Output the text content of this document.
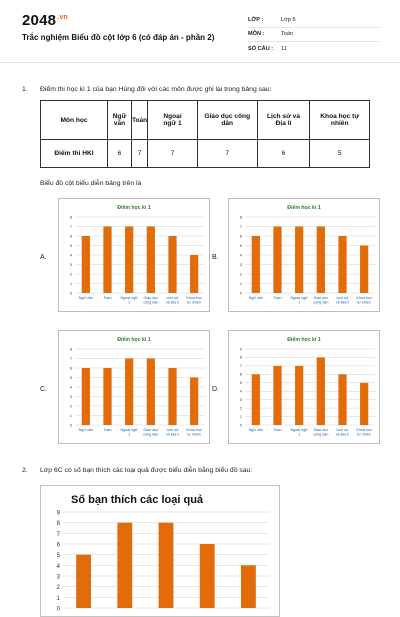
$2048^{.vn}$
Trắc nghiệm Biểu đồ cột lớp 6 (có đáp án - phần 2)
LỚP :	Lớp 6
MÔN :	Toán
SỐ CÂU :	11
1. Điểm thi học kì 1 của bạn Hùng đối với các môn được ghi lại trong bảng sau:
Môn học	Ngữ văn	Toán	Ngoại ngữ 1	Giáo dục công dân	Lịch sử và Địa lí	Khoa học tự nhiên
Điểm thi HKI	6	7	7	7	6	5
Biểu đồ cột biểu diễn bảng trên là
A.
Điểm học kì 1
0
1
2
3
4
5
6
7
8
Ngữ văn	Toán Ngoại ngữ
1
Giáo dục
công dân
Lịch sử
và Địa lí
Khoa học
tự nhiên
B.
Điểm học kì 1
0
1
2
3
4
5
6
7
8
Ngữ văn	Toán Ngoại ngữ
1
Giáo dục
công dân
Lịch sử
và Địa lí
Khoa học
tự nhiên
C.
Điểm học kì 1
0
1
2
3
4
5
6
7
8
Ngữ văn	Toán Ngoại ngữ
1
Giáo dục
công dân
Lịch sử
và Địa lí
Khoa học
tự nhiên
D.
Điểm học kì 1
0
1
2
3
4
5
6
7
8
9
Ngữ văn	Toán Ngoại ngữ
1
Giáo dục
công dân
Lịch sử
và Địa lí
Khoa học
tự nhiên
2. Lớp 6C có số bạn thích các loại quả được biểu diễn bằng biểu đồ sau:
Số bạn thích các loại quả
0
1
2
3
4
5
6
7
8
9
